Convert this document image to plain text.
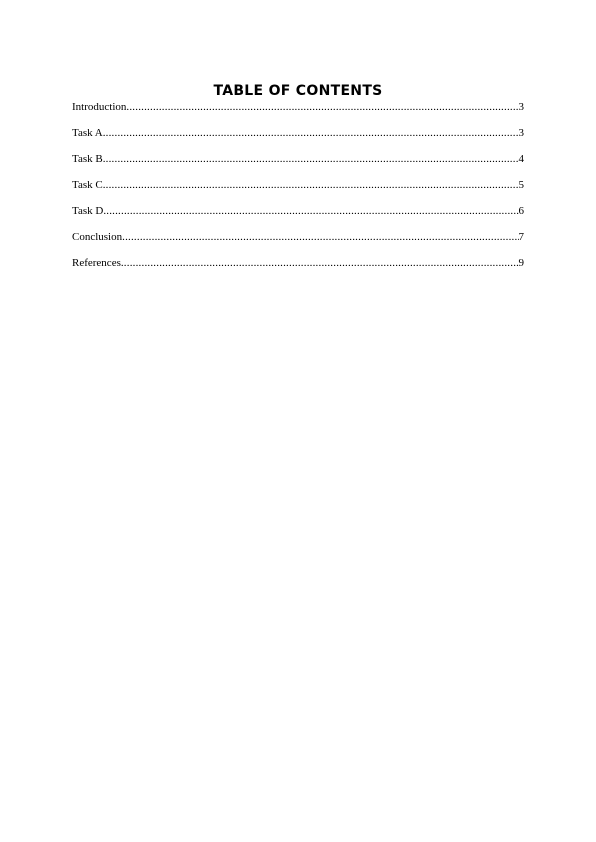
TABLE OF CONTENTS
Introduction .....	3
Task A .....	3
Task B .....	4
Task C .....	5
Task D .....	6
Conclusion .....	7
References .....	9
